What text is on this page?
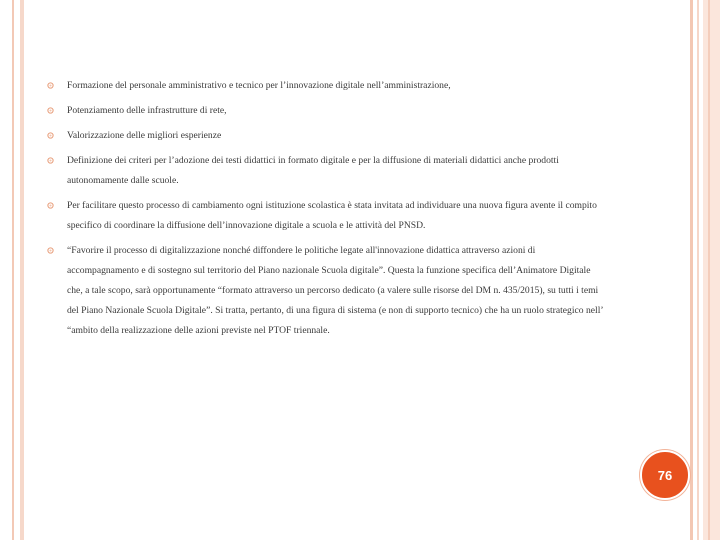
Formazione del personale amministrativo e tecnico per l’innovazione digitale nell’amministrazione,
Potenziamento delle infrastrutture di rete,
Valorizzazione delle migliori esperienze
Definizione dei criteri per l’adozione dei testi didattici in formato digitale e per la diffusione di materiali didattici anche prodotti autonomamente dalle scuole.
Per facilitare questo processo di cambiamento ogni istituzione scolastica è stata invitata ad individuare una nuova figura avente il compito specifico di coordinare la diffusione dell’innovazione digitale a scuola e le attività del PNSD.
“Favorire il processo di digitalizzazione nonché diffondere le politiche legate all'innovazione didattica attraverso azioni di accompagnamento e di sostegno sul territorio del Piano nazionale Scuola digitale”. Questa la funzione specifica dell’Animatore Digitale che, a tale scopo, sarà opportunamente “formato attraverso un percorso dedicato (a valere sulle risorse del DM n. 435/2015), su tutti i temi del Piano Nazionale Scuola Digitale”. Si tratta, pertanto, di una figura di sistema (e non di supporto tecnico) che ha un ruolo strategico nell’ “ambito della realizzazione delle azioni previste nel PTOF triennale.
76
